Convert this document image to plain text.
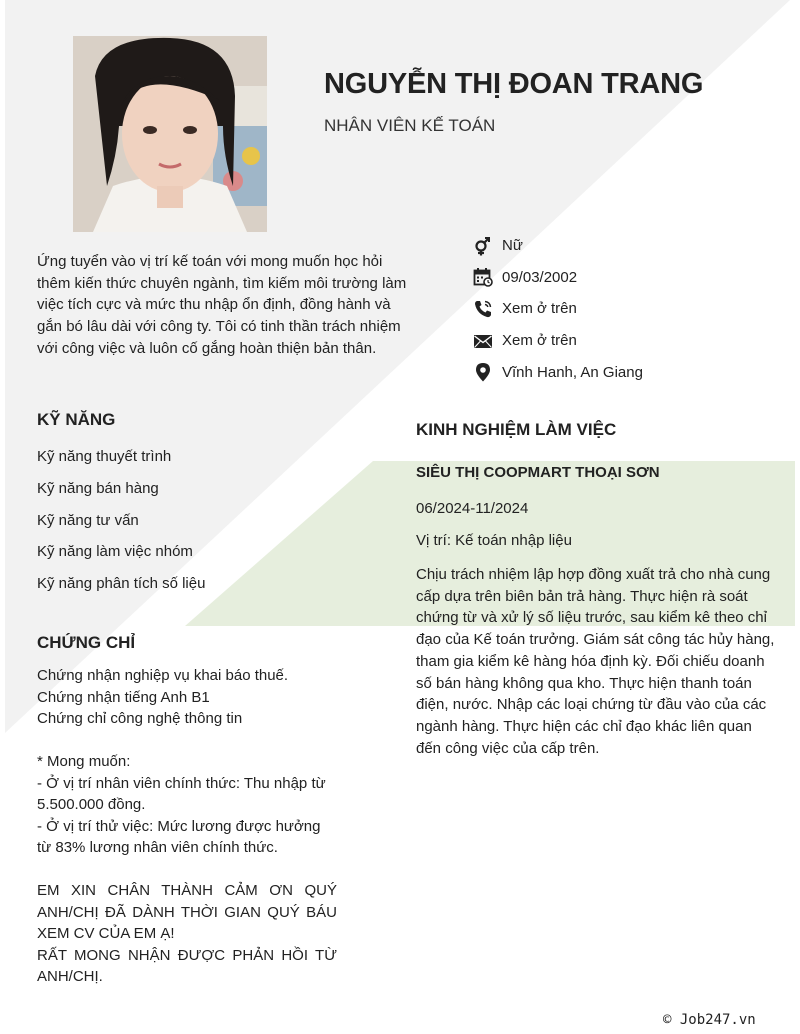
NGUYỄN THỊ ĐOAN TRANG
NHÂN VIÊN KẾ TOÁN
Ứng tuyển vào vị trí kế toán với mong muốn học hỏi thêm kiến thức chuyên ngành, tìm kiếm môi trường làm việc tích cực và mức thu nhập ổn định, đồng hành và gắn bó lâu dài với công ty. Tôi có tinh thần trách nhiệm với công việc và luôn cố gắng hoàn thiện bản thân.
Nữ
09/03/2002
Xem ở trên
Xem ở trên
Vĩnh Hanh, An Giang
KỸ NĂNG
Kỹ năng thuyết trình
Kỹ năng bán hàng
Kỹ năng tư vấn
Kỹ năng làm việc nhóm
Kỹ năng phân tích số liệu
CHỨNG CHỈ
Chứng nhận nghiệp vụ khai báo thuế.
Chứng nhận tiếng Anh B1
Chứng chỉ công nghệ thông tin
* Mong muốn:
- Ở vị trí nhân viên chính thức: Thu nhập từ 5.500.000 đồng.
- Ở vị trí thử việc: Mức lương được hưởng từ 83% lương nhân viên chính thức.
EM XIN CHÂN THÀNH CẢM ƠN QUÝ ANH/CHỊ ĐÃ DÀNH THỜI GIAN QUÝ BÁU XEM CV CỦA EM Ạ!
RẤT MONG NHẬN ĐƯỢC PHẢN HỒI TỪ ANH/CHỊ.
KINH NGHIỆM LÀM VIỆC
SIÊU THỊ COOPMART THOẠI SƠN
06/2024-11/2024
Vị trí: Kế toán nhập liệu
Chịu trách nhiệm lập hợp đồng xuất trả cho nhà cung cấp dựa trên biên bản trả hàng. Thực hiện rà soát chứng từ và xử lý số liệu trước, sau kiểm kê theo chỉ đạo của Kế toán trưởng. Giám sát công tác hủy hàng, tham gia kiểm kê hàng hóa định kỳ. Đối chiếu doanh số bán hàng không qua kho. Thực hiện thanh toán điện, nước. Nhập các loại chứng từ đầu vào của các ngành hàng. Thực hiện các chỉ đạo khác liên quan đến công việc của cấp trên.
© Job247.vn
